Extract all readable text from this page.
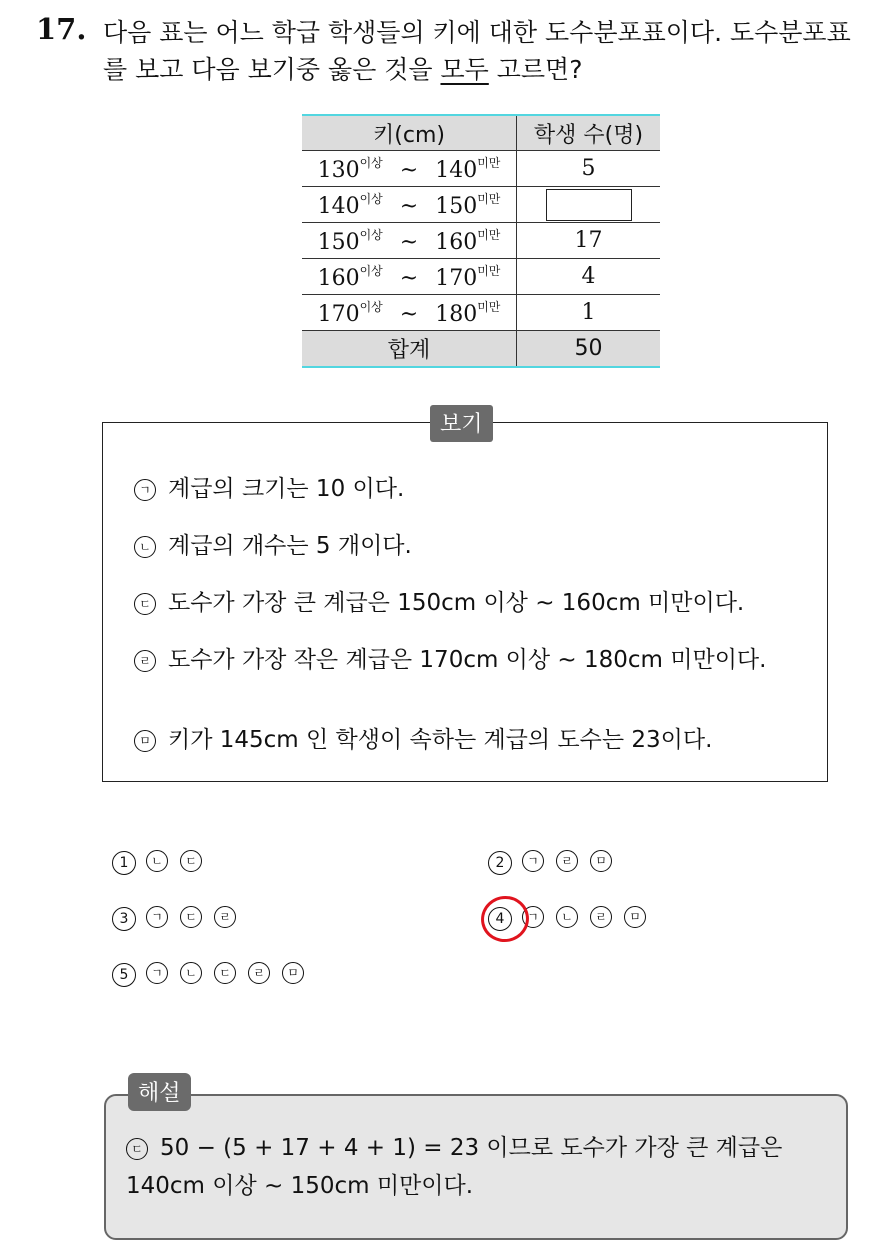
17. 다음 표는 어느 학급 학생들의 키에 대한 도수분포표이다. 도수분포표를 보고 다음 보기중 옳은 것을 모두 고르면?
키(cm)	학생 수(명)
$130^{이상}$ ~ $140^{미만}$	5
$140^{이상}$ ~ $150^{미만}$	
$150^{이상}$ ~ $160^{미만}$	17
$160^{이상}$ ~ $170^{미만}$	4
$170^{이상}$ ~ $180^{미만}$	1
합계	50
보기
ㄱ 계급의 크기는 10 이다.
ㄴ 계급의 개수는 5 개이다.
ㄷ 도수가 가장 큰 계급은 150cm 이상 ~ 160cm 미만이다.
ㄹ 도수가 가장 작은 계급은 170cm 이상 ~ 180cm 미만이다.
ㅁ 키가 145cm 인 학생이 속하는 계급의 도수는 23이다.
1 ㄴ ㄷ	2 ㄱ ㄹ ㅁ
3 ㄱ ㄷ ㄹ	4 ㄱ ㄴ ㄹ ㅁ
5 ㄱ ㄴ ㄷ ㄹ ㅁ
해설
ㄷ 50 − (5 + 17 + 4 + 1) = 23 이므로 도수가 가장 큰 계급은 140cm 이상 ~ 150cm 미만이다.
